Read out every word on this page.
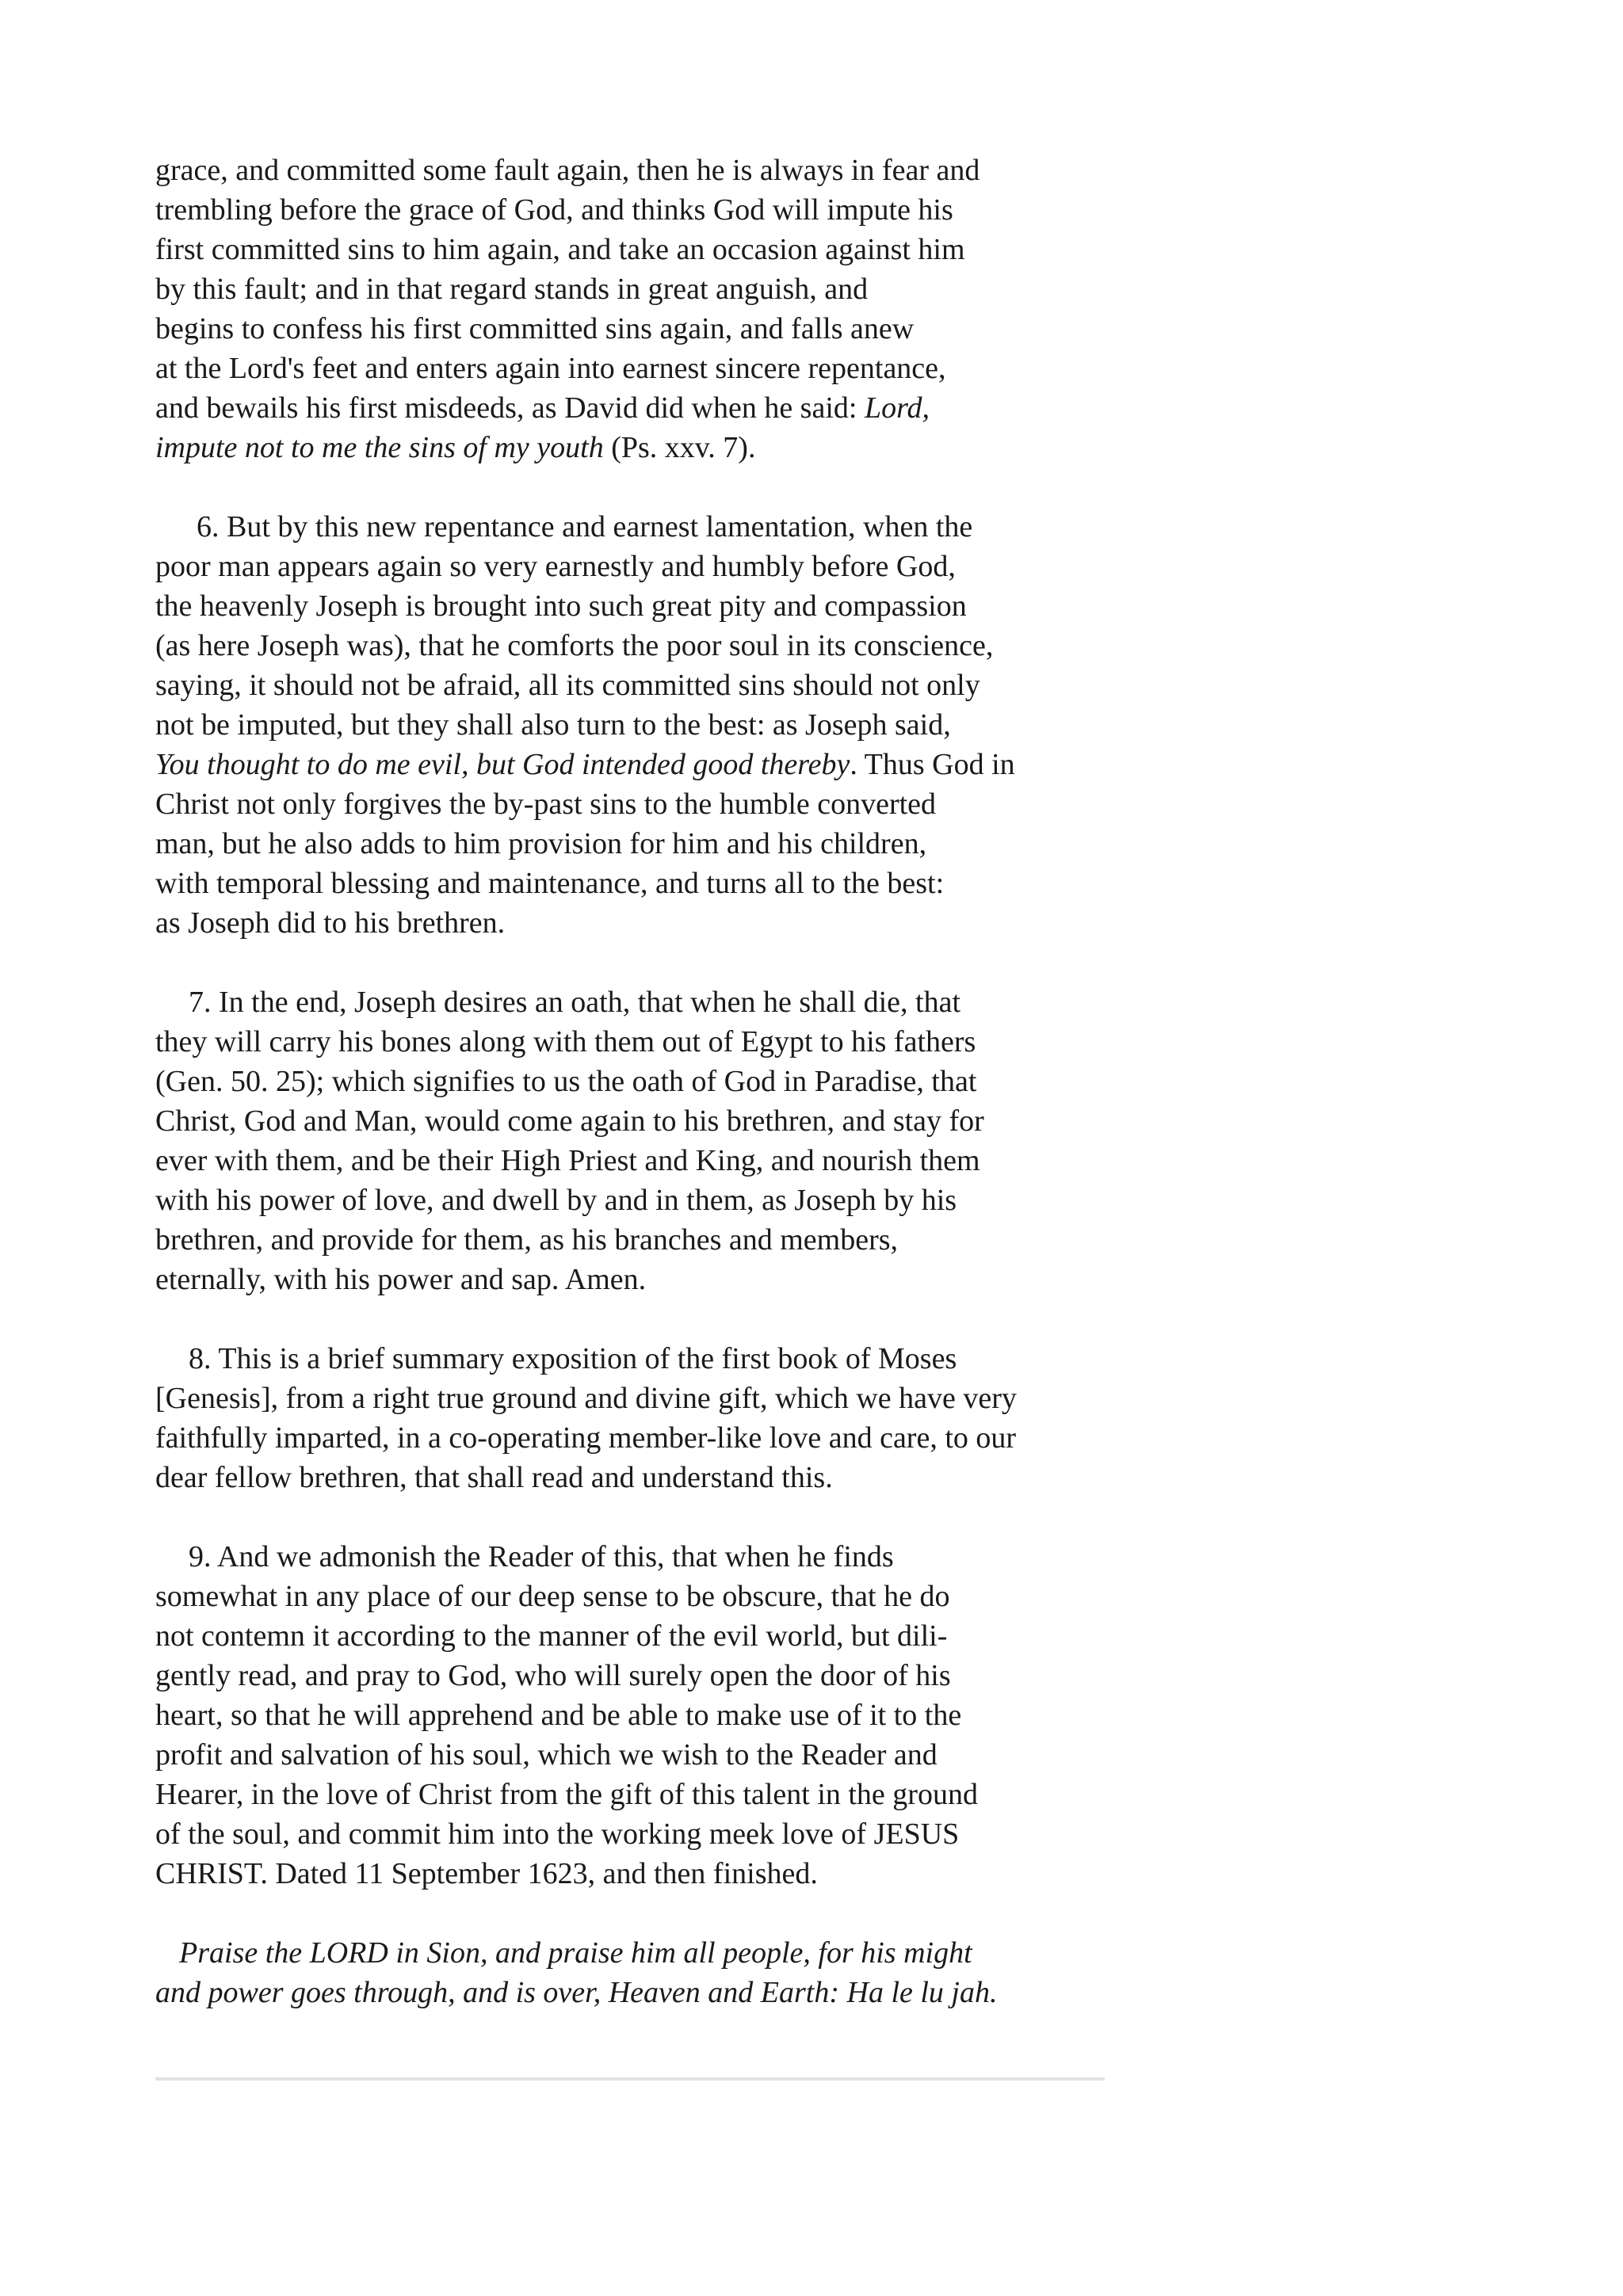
grace, and committed some fault again, then he is always in fear and
trembling before the grace of God, and thinks God will impute his
first committed sins to him again, and take an occasion against him
by this fault; and in that regard stands in great anguish, and
begins to confess his first committed sins again, and falls anew
at the Lord's feet and enters again into earnest sincere repentance,
and bewails his first misdeeds, as David did when he said: Lord,
impute not to me the sins of my youth (Ps. xxv. 7).

6. But by this new repentance and earnest lamentation, when the
poor man appears again so very earnestly and humbly before God,
the heavenly Joseph is brought into such great pity and compassion
(as here Joseph was), that he comforts the poor soul in its conscience,
saying, it should not be afraid, all its committed sins should not only
not be imputed, but they shall also turn to the best: as Joseph said,
You thought to do me evil, but God intended good thereby. Thus God in
Christ not only forgives the by-past sins to the humble converted
man, but he also adds to him provision for him and his children,
with temporal blessing and maintenance, and turns all to the best:
as Joseph did to his brethren.

7. In the end, Joseph desires an oath, that when he shall die, that
they will carry his bones along with them out of Egypt to his fathers
(Gen. 50. 25); which signifies to us the oath of God in Paradise, that
Christ, God and Man, would come again to his brethren, and stay for
ever with them, and be their High Priest and King, and nourish them
with his power of love, and dwell by and in them, as Joseph by his
brethren, and provide for them, as his branches and members,
eternally, with his power and sap. Amen.

8. This is a brief summary exposition of the first book of Moses
[Genesis], from a right true ground and divine gift, which we have very
faithfully imparted, in a co-operating member-like love and care, to our
dear fellow brethren, that shall read and understand this.

9. And we admonish the Reader of this, that when he finds
somewhat in any place of our deep sense to be obscure, that he do
not contemn it according to the manner of the evil world, but dili-
gently read, and pray to God, who will surely open the door of his
heart, so that he will apprehend and be able to make use of it to the
profit and salvation of his soul, which we wish to the Reader and
Hearer, in the love of Christ from the gift of this talent in the ground
of the soul, and commit him into the working meek love of JESUS
CHRIST. Dated 11 September 1623, and then finished.

Praise the LORD in Sion, and praise him all people, for his might
and power goes through, and is over, Heaven and Earth: Ha le lu jah.
